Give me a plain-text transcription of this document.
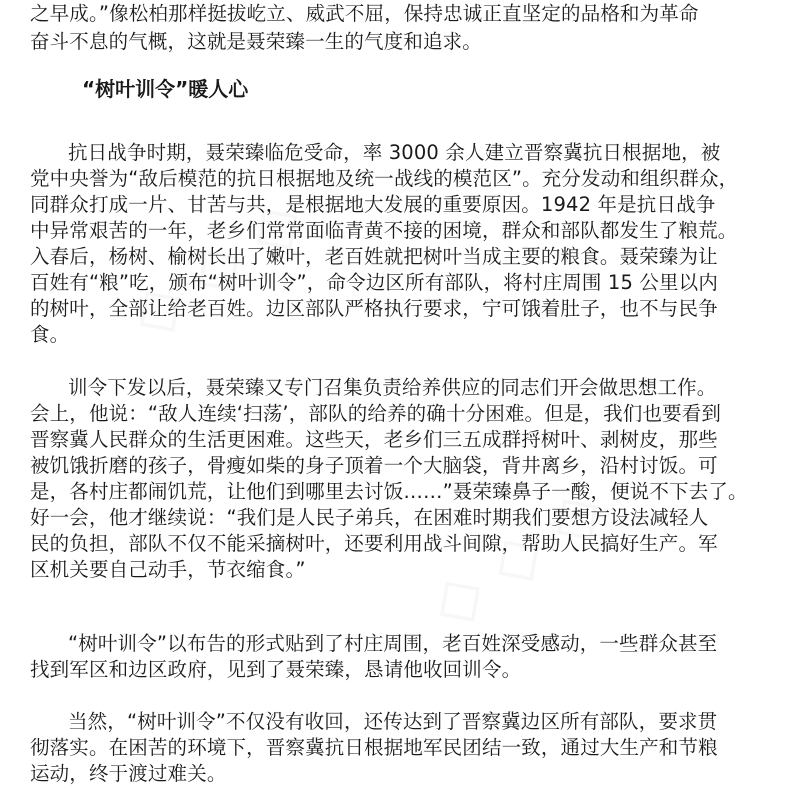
◇ ◇ ◇
◇ ◇ ◇
之早成。”像松柏那样挺拔屹立、威武不屈，保持忠诚正直坚定的品格和为革命
奋斗不息的气概，这就是聂荣臻一生的气度和追求。
“树叶训令”暖人心
抗日战争时期，聂荣臻临危受命，率 3000 余人建立晋察冀抗日根据地，被
党中央誉为“敌后模范的抗日根据地及统一战线的模范区”。充分发动和组织群众，
同群众打成一片、甘苦与共，是根据地大发展的重要原因。1942 年是抗日战争
中异常艰苦的一年，老乡们常常面临青黄不接的困境，群众和部队都发生了粮荒。
入春后，杨树、榆树长出了嫩叶，老百姓就把树叶当成主要的粮食。聂荣臻为让
百姓有“粮”吃，颁布“树叶训令”，命令边区所有部队，将村庄周围 15 公里以内
的树叶，全部让给老百姓。边区部队严格执行要求，宁可饿着肚子，也不与民争
食。
训令下发以后，聂荣臻又专门召集负责给养供应的同志们开会做思想工作。
会上，他说：“敌人连续‘扫荡’，部队的给养的确十分困难。但是，我们也要看到
晋察冀人民群众的生活更困难。这些天，老乡们三五成群捋树叶、剥树皮，那些
被饥饿折磨的孩子，骨瘦如柴的身子顶着一个大脑袋，背井离乡，沿村讨饭。可
是，各村庄都闹饥荒，让他们到哪里去讨饭……”聂荣臻鼻子一酸，便说不下去了。
好一会，他才继续说：“我们是人民子弟兵，在困难时期我们要想方设法减轻人
民的负担，部队不仅不能采摘树叶，还要利用战斗间隙，帮助人民搞好生产。军
区机关要自己动手，节衣缩食。”
“树叶训令”以布告的形式贴到了村庄周围，老百姓深受感动，一些群众甚至
找到军区和边区政府，见到了聂荣臻，恳请他收回训令。
当然，“树叶训令”不仅没有收回，还传达到了晋察冀边区所有部队，要求贯
彻落实。在困苦的环境下，晋察冀抗日根据地军民团结一致，通过大生产和节粮
运动，终于渡过难关。
